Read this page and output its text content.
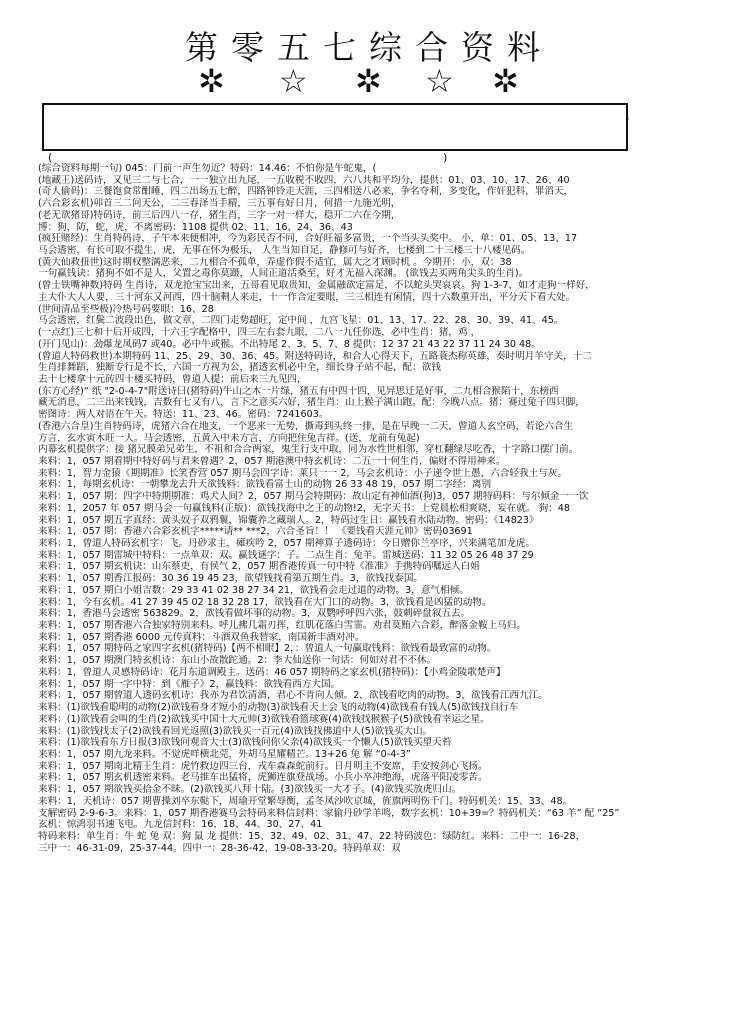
第零五七综合资料
✲ ☆ ✲ ☆ ✲
)
(	)
(综合资料每期一句) 045：门前一声生勿近？特码：14.46：不怕你是牛蛇鬼，(
(地藏王)送码诗，又见三二与七合，一一独立出九尾，一五收税不收四，六八共和平均分，提供：01、03、10、17、26、40
(奇人偷码)：三餐饱食常酣睡，四二出场五七醉，四路钟铃走天涯，三四相送八必来，争名夺利，多变化，作奸犯科，罪滔天，
(六合彩玄机)卯首三二问天公，二三春泽当手精，三五事有好日月，何措一九施光明，
(老无欲猪哥)特码诗，前三后四八一存，猪生肖，三字一对一样大，稳开二六在今期，
博：狗，防，蛇，虎，不离密码：1108 提供 02、11、16、24、36、43
(疯狂赌经)：生肖特码诗，子午本来便相冲，今为彩民否不同，合好旺福多富贵，一个当头头奖中。 小，单：01、05、13、17
马会透密，有长可取不提生，虎，无事在怀为极乐， 人生当知自足，静修可与好齐，七楼到二十三楼三十八楼见码。
(黄大仙救扭世)这时期权整满恶来，二九相合不孤单，弄虚作假不适宜，属大之才顾时机 。今期开：小，双：38
一句赢钱诀：猪狗不如不是人，父置之毒你莫蹑，人间正道活桑至，好才无福入深渊。 (欲钱去买两角尖头的生肖)。
(曾士铁嘴神数)特码 生肖诗，双龙抢宝宝出来，五哥看见取贵知，金属融欲定富足，不以蛇头哭哀哀。狗 1-3-7，如才走狗一样好，
主大仆大人人要，三十河东又河西，四十脑剩人来走，十一作合定要眼，三三相连有闲情，四十六数重开出，平分天下看大处。
(世间清品至些极)冷热号码要眼：16、28
马会透密，红鬓二波段出色，做文章，二四门走势超旺，定中间 ，九宫飞星：01、13、17、22、28、30、39、41、45。
(一点红)三七和十后开成四，十六王字配格中，四三左右套九眼，二八一九任你选，必中生肖：猪，鸡 ，
(开门见山)：劲爆龙凤码7 或40。必中牛或猴。不出特尾 2、3、5、7、8 提供：12 37 21 43 22 37 11 24 30 48。
(曾道人特码救世)本期特码 11、25、29、30、36、45。附送特码诗，和合人心得天下，五路蓑杰称英雄，奏时明月羊守关，十二
生肖排舞蹈，独断专行是不长，六国一方视为公，猪透玄机必中全，细长身子站不起，配：欲钱
去十七楼拿十元砖四十楼买特码，曾道人提：前后来三九见四，
(东方心经)“ 纸 "2-0-4-7"附送诗曰(猪特码)牛山之木一片绿，猪五有中四十四，见异思迁是好事，二九相合猴陷十，东榜西
藏无消息，二三出来钱钱，吉数有七又有八，言下之意买六好，猪生肖：山上猴子满山跑。配：今晚八点。猪：赛过兔子四只脚，
密图诗：两人对语在午天。特送：11、23、46。密码：7241603。
(香港六合皇)生肖特码诗，虎猪六合在地支，一个恶来一无势，撕毒到头终一排，是在早晚一二天，曾道人玄空码，若论六合生
方言，玄水寅木旺一人。马会透密，五黄入中未方言，方向把住兔吉祥。(送，龙前有兔起)
内幕玄机提供字：接 猪兄膜弟兄弟生，不祖和合合两家，鬼生行支中取，同为水性世相邻，穿杠翻绿尽吃香，十字路口摆门前。
来料：1，057 期看期中特好码与君来曾遇？2，057 期港澳中特玄机诗：二五一十何生肖，偏财不得用神来。
来料：1，智力金猿《期期准》长笑香营 057 期马会四字诗：莱只一一 2，马会玄机诗：小子递令世上愚，六合轻我土与灰。
来料：1，每期玄机诗：一朝攀龙去升天欲钱料：欲钱看富士山的动物 26 33 48 19，057 期二字经：离别
来料：1，057 期：四字中特期期准：鸡犬人间？2，057 期马会特期码：故山定有神仙酒(狗)3，057 期特码料：与尔倾金一一饮
来料：1，2057 年 057 期马会一句赢钱料(正版)：欲钱找海中之王的动物!2，无字天书：上党晨松相爽晓，妄在就。 狗：48
来料：1，057 期五字真经：黄头奴子双鸦鬟，锦囊养之藏瑞人。2，特码过生日：赢钱看水陆动物。密码：《14823》
来料：1，057 期：香港六合彩玄机字*****请** ***2，六合圣旨！！ 《要钱看天涯元帅》密码03691
来料：1，曾道人特码玄机字：飞。丹砂求主，瘫疾吟 2，057 期神算子透码诗：今日赠你兰亭序，兴来满笔加龙虎。
来料：1，057 期雷城中特料：一点单双：双。赢钱谜字：子。二点生肖：兔羊。雷城送码：11 32 05 26 48 37 29
来料：1，057 期玄机诀：山东蔡吏，有侯气 2，057 期香港传真一句中特《准准》手携特码嘱远人白姐
来料：1，057 期香江报码：30 36 19 45 23，欲望钱找看第五期生肖。3，欲钱找泰国。
来料：1，057 期白小姐吉数：29 33 41 02 38 27 34 21，欲钱看会走过道的动物。3，意气相倾。
来料：1，今有玄机。41 27 39 45 02 18 32 28 17，欲钱看在大门口的动物。3，欲钱看是凶猛的动物。
来料：1，香港马会透密 563829。2，欲钱看做坏事的动物。3，双鹦呼呼四六张，鼓刺碎盘叙五去。
来料：1，057 期香港六合独家特别来料。呼儿拂几霜刃挥，红肌花落白雪霏。劝君莫贿六合彩，醉落金鞍上马归。
来料：1，057 期香港 6000 元传真料：斗酒双鱼我替家，南国新丰酒对冲。
来料：1，057 期特码之家四字玄机(猪特码)【两不相眼】2，：曾道人一句赢取钱料：欲钱看最致富的动物。
来料：1，057 期澳门特玄机诗：东山小故散跎通。2：李大仙送你一句话：何如对君不不休。
来料：1，曾道人灵感特码诗：花月东道调殿主。送码：46 057 期特码之家玄机(猪特码)：【小鸡金陵歌楚声】
来料：1，057 期一字中特：到《雁子》2，赢钱料：欲钱看西方大国。
来料：1，057 期曾道人透码玄机诗：我亦为君饮清酒，君心不肯向人倾。2，欲钱看吃肉的动物。3，欲钱看江西九江。
来料：(1)欲钱看聪明的动物(2)欲钱看身才短小的动物(3)欲钱看天上会飞的动物(4)欲钱看有钱人(5)欲钱找自行车
来料：(1)欲钱看会叫的生肖(2)欲钱买中国十大元帅(3)欲钱看篮球赛(4)欲钱找猴猴子(5)欲钱看幸运之星。
来料：(1)欲钱找太子(2)欲钱看回光返照(3)欲钱买一百元(4)欲钱找佛道中人(5)欲钱买大山。
来料：(1)欲钱看东方日报(3)欲钱问观音大士(3)欲钱问你父亲(4)欲钱买一个懒人(5)欲钱买望天苔
来料：1，057 期九龙来料。不觉虎咩横北莞，外胡马星耀精芒。13+26 兔 解 “0-4-3”
来料：1，057 期南北精王生肖：虎竹救边四三台，戎车森森蛇前行。日月明主不安席，手安按剑心飞扬。
来料：1，057 期玄机透密来料。老马推车出猛将，虎狮连旗登战场。小兵小卒冲绝海，虎落平阳凌零苦。
来料：1，057 期欲钱买拾金不昧。(2)欲钱买八拜十陆。(3)欲钱买一大才子。(4)欲钱买放虎归山。
来料：1，天机诗：057 期曹操刘卒东鞑下，周瑜开堂繁辱衡，孟冬凤沙吹京城，旌旗两明伤千门。特码机关：15、33、48。
支解密码 2-9-6-3。来料：1，057 期香港赛马会特码来料信封料：家偷丹砂学羊鸣，数字玄机：10+39=？特码机关：“63 羊” 配 “25”
玄机：惊鸿羽书速飞电。九龙信封料：16、18、44、30、27、41
特码来料：单生肖：牛 蛇 兔 双：狗 鼠 龙 提供：15、32、49、02、31、47、22 特码波色：绿防红。来料：二中一：16-28，
三中一：46-31-09，25-37-44。四中一：28-36-42，19-08-33-20。特码单双：双
